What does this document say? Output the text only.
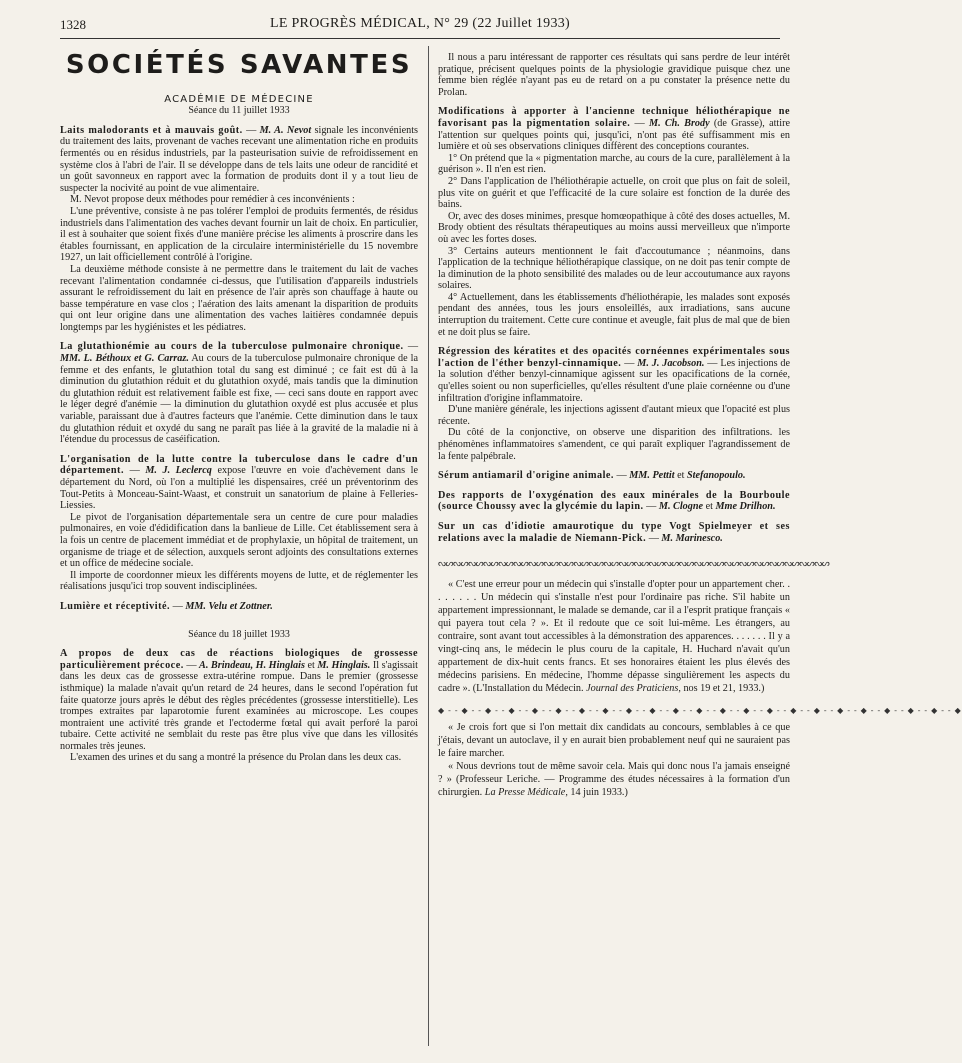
1328	LE PROGRÈS MÉDICAL, N° 29 (22 Juillet 1933)
SOCIÉTÉS SAVANTES

ACADÉMIE DE MÉDECINE

Séance du 11 juillet 1933

Laits malodorants et à mauvais goût. — M. A. Nevot signale les inconvénients du traitement des laits, provenant de vaches recevant une alimentation riche en produits fermentés ou en résidus industriels, par la pasteurisation suivie de refroidissement en système clos à l'abri de l'air. Il se développe dans de tels laits une odeur de rancidité et un goût savonneux en rapport avec la formation de produits dont il y a tout lieu de suspecter la nocivité au point de vue alimentaire.

M. Nevot propose deux méthodes pour remédier à ces inconvénients :

L'une préventive, consiste à ne pas tolérer l'emploi de produits fermentés, de résidus industriels dans l'alimentation des vaches devant fournir un lait de choix. En particulier, il est à souhaiter que soient fixés d'une manière précise les aliments à proscrire dans les étables fournissant, en application de la circulaire interministérielle du 15 novembre 1927, un lait officiellement contrôlé à l'origine.

La deuxième méthode consiste à ne permettre dans le traitement du lait de vaches recevant l'alimentation condamnée ci-dessus, que l'utilisation d'appareils industriels assurant le refroidissement du lait en présence de l'air après son chauffage à haute ou basse température en vase clos ; l'aération des laits amenant la disparition de produits qui ont leur origine dans une alimentation des vaches laitières condamnée depuis longtemps par les hygiénistes et les pédiatres.

La glutathionémie au cours de la tuberculose pulmonaire chronique. — MM. L. Béthoux et G. Carraz. Au cours de la tuberculose pulmonaire chronique de la femme et des enfants, le glutathion total du sang est diminué ; ce fait est dû à la diminution du glutathion réduit et du glutathion oxydé, mais tandis que la diminution du glutathion réduit est relativement faible est fixe, — ceci sans doute en rapport avec le léger degré d'anémie — la diminution du glutathion oxydé est plus accusée et plus variable, paraissant due à d'autres facteurs que l'anémie. Cette diminution dans le taux du glutathion réduit et oxydé du sang ne paraît pas liée à la gravité de la maladie ni à l'étendue du processus de caséification.

L'organisation de la lutte contre la tuberculose dans le cadre d'un département. — M. J. Leclercq expose l'œuvre en voie d'achèvement dans le département du Nord, où l'on a multiplié les dispensaires, créé un préventorinm des Tout-Petits à Monceau-Saint-Waast, et construit un sanatorium de plaine à Felleries-Liessies.

Le pivot de l'organisation départementale sera un centre de cure pour maladies pulmonaires, en voie d'édidification dans la banlieue de Lille. Cet établissement sera à la fois un centre de placement immédiat et de prophylaxie, un hôpital de traitement, un organisme de triage et de sélection, auxquels seront adjoints des consultations externes et un office de médecine sociale.

Il importe de coordonner mieux les différents moyens de lutte, et de réglementer les réalisations jusqu'ici trop souvent indisciplinées.

Lumière et réceptivité. — MM. Velu et Zottner.

Séance du 18 juillet 1933

A propos de deux cas de réactions biologiques de grossesse particulièrement précoce. — A. Brindeau, H. Hinglais et M. Hinglais. Il s'agissait dans les deux cas de grossesse extra-utérine rompue. Dans le premier (grossesse isthmique) la malade n'avait qu'un retard de 24 heures, dans le second l'opération fut faite quatorze jours après le début des règles précédentes (grossesse interstitielle). Les trompes extraites par laparotomie furent examinées au microscope. Les coupes montraient une activité très grande et l'ectoderme fœtal qui avait perforé la paroi tubaire. Cette activité ne semblait du reste pas être plus vive que dans les villosités normales très jeunes.

L'examen des urines et du sang a montré la présence du Prolan dans les deux cas.

Il nous a paru intéressant de rapporter ces résultats qui sans perdre de leur intérêt pratique, précisent quelques points de la physiologie gravidique puisque chez une femme bien réglée n'ayant pas eu de retard on a pu constater la présence nette du Prolan.

Modifications à apporter à l'ancienne technique héliothérapique ne favorisant pas la pigmentation solaire. — M. Ch. Brody (de Grasse), attire l'attention sur quelques points qui, jusqu'ici, n'ont pas été suffisamment mis en lumière et où ses observations cliniques diffèrent des conceptions courantes.

1° On prétend que la « pigmentation marche, au cours de la cure, parallèlement à la guérison ». Il n'en est rien.

2° Dans l'application de l'héliothérapie actuelle, on croit que plus on fait de soleil, plus vite on guérit et que l'efficacité de la cure solaire est fonction de la durée des bains.

Or, avec des doses minimes, presque homœopathique à côté des doses actuelles, M. Brody obtient des résultats thérapeutiques au moins aussi merveilleux que n'importe où avec les fortes doses.

3° Certains auteurs mentionnent le fait d'accoutumance ; néanmoins, dans l'application de la technique héliothérapique classique, on ne doit pas tenir compte de la diminution de la photo sensibilité des malades ou de leur accoutumance aux rayons solaires.

4° Actuellement, dans les établissements d'héliothérapie, les malades sont exposés pendant des années, tous les jours ensoleillés, aux irradiations, sans aucune interruption du traitement. Cette cure continue et aveugle, fait plus de mal que de bien et ne doit plus se faire.

Régression des kératites et des opacités cornéennes expérimentales sous l'action de l'éther benzyl-cinnamique. — M. J. Jacobson. — Les injections de la solution d'éther benzyl-cinnamique agissent sur les opacifications de la cornée, qu'elles soient ou non superficielles, qu'elles résultent d'une plaie cornéenne ou d'une infiltration d'origine inflammatoire.

D'une manière générale, les injections agissent d'autant mieux que l'opacité est plus récente.

Du côté de la conjonctive, on observe une disparition des infiltrations. les phénomènes inflammatoires s'amendent, ce qui paraît expliquer l'agrandissement de la fente palpébrale.

Sérum antiamaril d'origine animale. — MM. Pettit et Stefanopoulo.

Des rapports de l'oxygénation des eaux minérales de la Bourboule (source Choussy avec la glycémie du lapin. — M. Clogne et Mme Drilhon.

Sur un cas d'idiotie amaurotique du type Vogt Spielmeyer et ses relations avec la maladie de Niemann-Pick. — M. Marinesco.

ᔓᔕᔓᔕᔓᔕᔓᔕᔓᔕᔓᔕᔓᔕᔓᔕᔓᔕᔓᔕᔓᔕᔓᔕᔓᔕᔓᔕᔓᔕᔓᔕᔓᔕᔓᔕᔓᔕᔓᔕᔓᔕᔓᔕᔓᔕᔓᔕᔓᔕᔓᔕ

« C'est une erreur pour un médecin qui s'installe d'opter pour un appartement cher. . . . . . . . Un médecin qui s'installe n'est pour l'ordinaire pas riche. S'il habite un appartement impressionnant, le malade se demande, car il a l'esprit pratique français « qui payera tout cela ? ». Et il redoute que ce soit lui-même. Les étrangers, au contraire, sont avant tout accessibles à la démonstration des apparences. . . . . . . Il y a vingt-cinq ans, le médecin le plus couru de la capitale, H. Huchard n'avait qu'un appartement de dix-huit cents francs. Et ses honoraires étaient les plus élevés des médecins parisiens. En médecine, l'homme dépasse singulièrement les aspects du cadre ». (L'Installation du Médecin. Journal des Praticiens, nos 19 et 21, 1933.)

◆ - - ◆ - - ◆ - - ◆ - - ◆ - - ◆ - - ◆ - - ◆ - - ◆ - - ◆ - - ◆ - - ◆ - - ◆ - - ◆ - - ◆ - - ◆ - - ◆ - - ◆ - - ◆ - - ◆ - - ◆ - - ◆ - - ◆

« Je crois fort que si l'on mettait dix candidats au concours, semblables à ce que j'étais, devant un autoclave, il y en aurait bien probablement neuf qui ne sauraient pas le faire marcher.

« Nous devrions tout de même savoir cela. Mais qui donc nous l'a jamais enseigné ? » (Professeur Leriche. — Programme des études nécessaires à la formation d'un chirurgien. La Presse Médicale, 14 juin 1933.)
